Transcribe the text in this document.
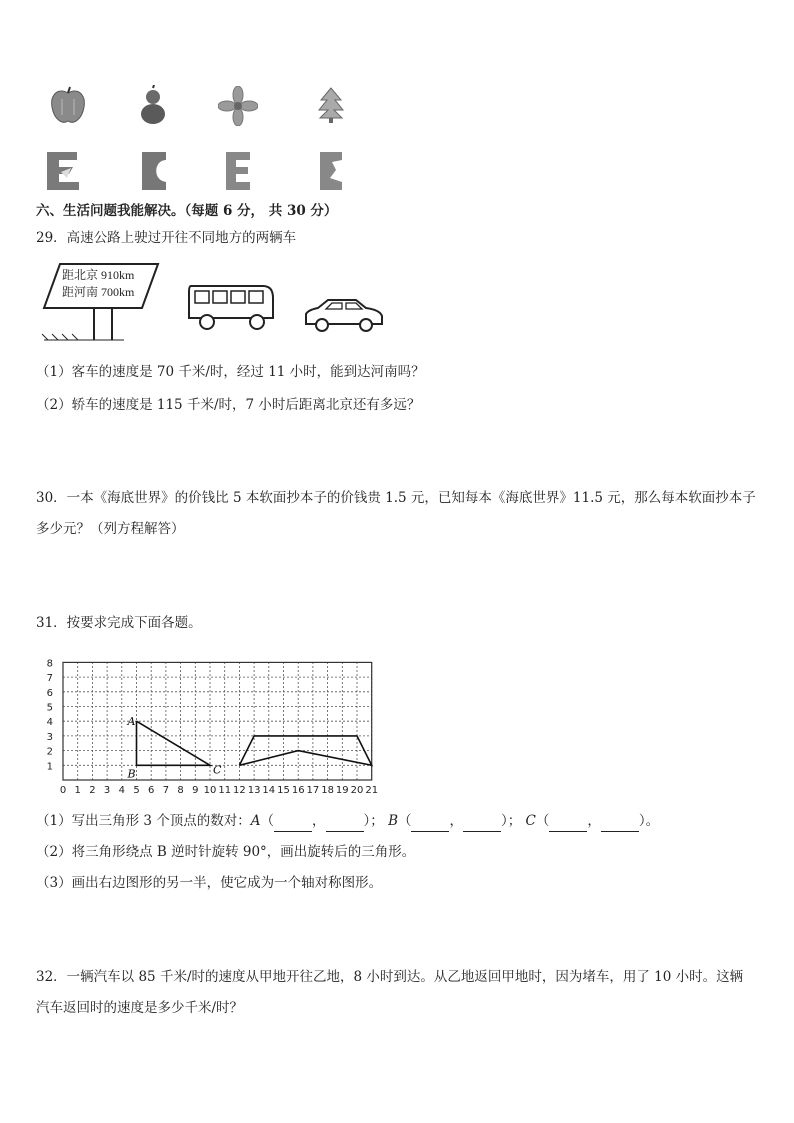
六、生活问题我能解决。（每题 6 分， 共 30 分）
29．高速公路上驶过开往不同地方的两辆车
距北京 910km
距河南 700km
（1）客车的速度是 70 千米/时，经过 11 小时，能到达河南吗？
（2）轿车的速度是 115 千米/时，7 小时后距离北京还有多远？
30．一本《海底世界》的价钱比 5 本软面抄本子的价钱贵 1.5 元，已知每本《海底世界》11.5 元，那么每本软面抄本子
多少元？（列方程解答）
31．按要求完成下面各题。
8
7
6
5
4
3
2
1
0 1 2 3 4 5 6 7 8 9 10 11 12 13 14 15 16 17 18 19 20 21
A
B	C
（1）写出三角形 3 个顶点的数对：A（	，	）； B（	，	）； C（	，	）。
（2）将三角形绕点 B 逆时针旋转 90°，画出旋转后的三角形。
（3）画出右边图形的另一半，使它成为一个轴对称图形。
32．一辆汽车以 85 千米/时的速度从甲地开往乙地，8 小时到达。从乙地返回甲地时，因为堵车，用了 10 小时。这辆
汽车返回时的速度是多少千米/时？
